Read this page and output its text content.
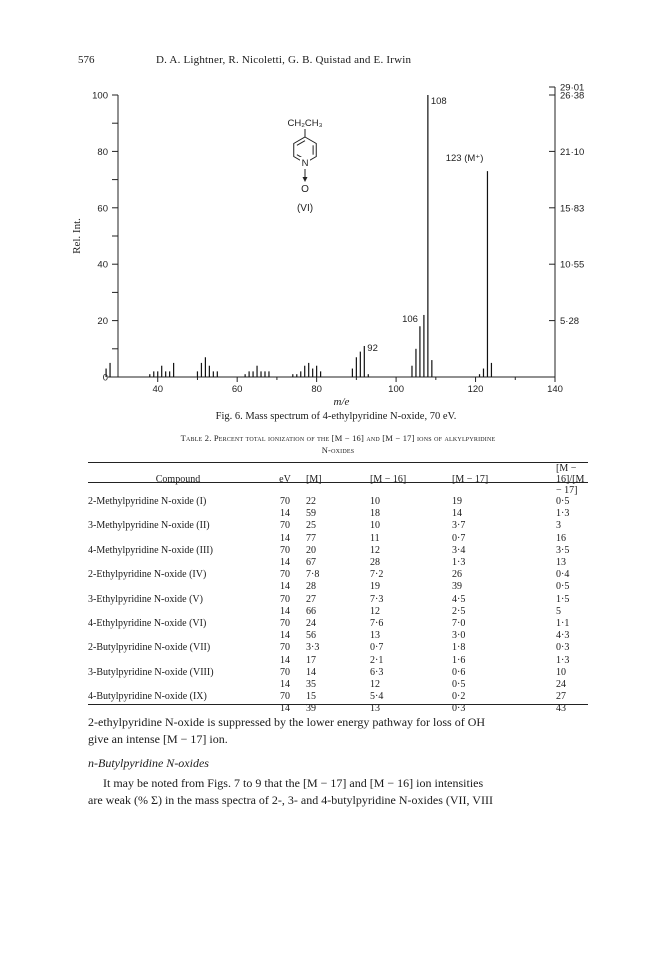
576	D. A. Lightner, R. Nicoletti, G. B. Quistad and E. Irwin
0
20
40
60
80
100
40	60	80	100	120	140
5·28
10·55
15·83
21·10
26·38
29·01
Rel. Int.
m/e
108
123 (M⁺)
106
92
CH₂CH₃
N
O
(VI)
Fig. 6. Mass spectrum of 4-ethylpyridine N-oxide, 70 eV.
Table 2. Percent total ionization of the [M − 16] and [M − 17] ions of alkylpyridine
N-oxides
Compound	eV	[M]	[M − 16]	[M − 17]	[M − 16]/[M − 17]
2-Methylpyridine N-oxide (I)	70	22	10	19	0·5
	14	59	18	14	1·3
3-Methylpyridine N-oxide (II)	70	25	10	3·7	3
	14	77	11	0·7	16
4-Methylpyridine N-oxide (III)	70	20	12	3·4	3·5
	14	67	28	1·3	13
2-Ethylpyridine N-oxide (IV)	70	7·8	7·2	26	0·4
	14	28	19	39	0·5
3-Ethylpyridine N-oxide (V)	70	27	7·3	4·5	1·5
	14	66	12	2·5	5
4-Ethylpyridine N-oxide (VI)	70	24	7·6	7·0	1·1
	14	56	13	3·0	4·3
2-Butylpyridine N-oxide (VII)	70	3·3	0·7	1·8	0·3
	14	17	2·1	1·6	1·3
3-Butylpyridine N-oxide (VIII)	70	14	6·3	0·6	10
	14	35	12	0·5	24
4-Butylpyridine N-oxide (IX)	70	15	5·4	0·2	27
	14	39	13	0·3	43
2-ethylpyridine N-oxide is suppressed by the lower energy pathway for loss of OH
give an intense [M − 17] ion.
n-Butylpyridine N-oxides
It may be noted from Figs. 7 to 9 that the [M − 17] and [M − 16] ion intensities
are weak (% Σ) in the mass spectra of 2-, 3- and 4-butylpyridine N-oxides (VII, VIII
